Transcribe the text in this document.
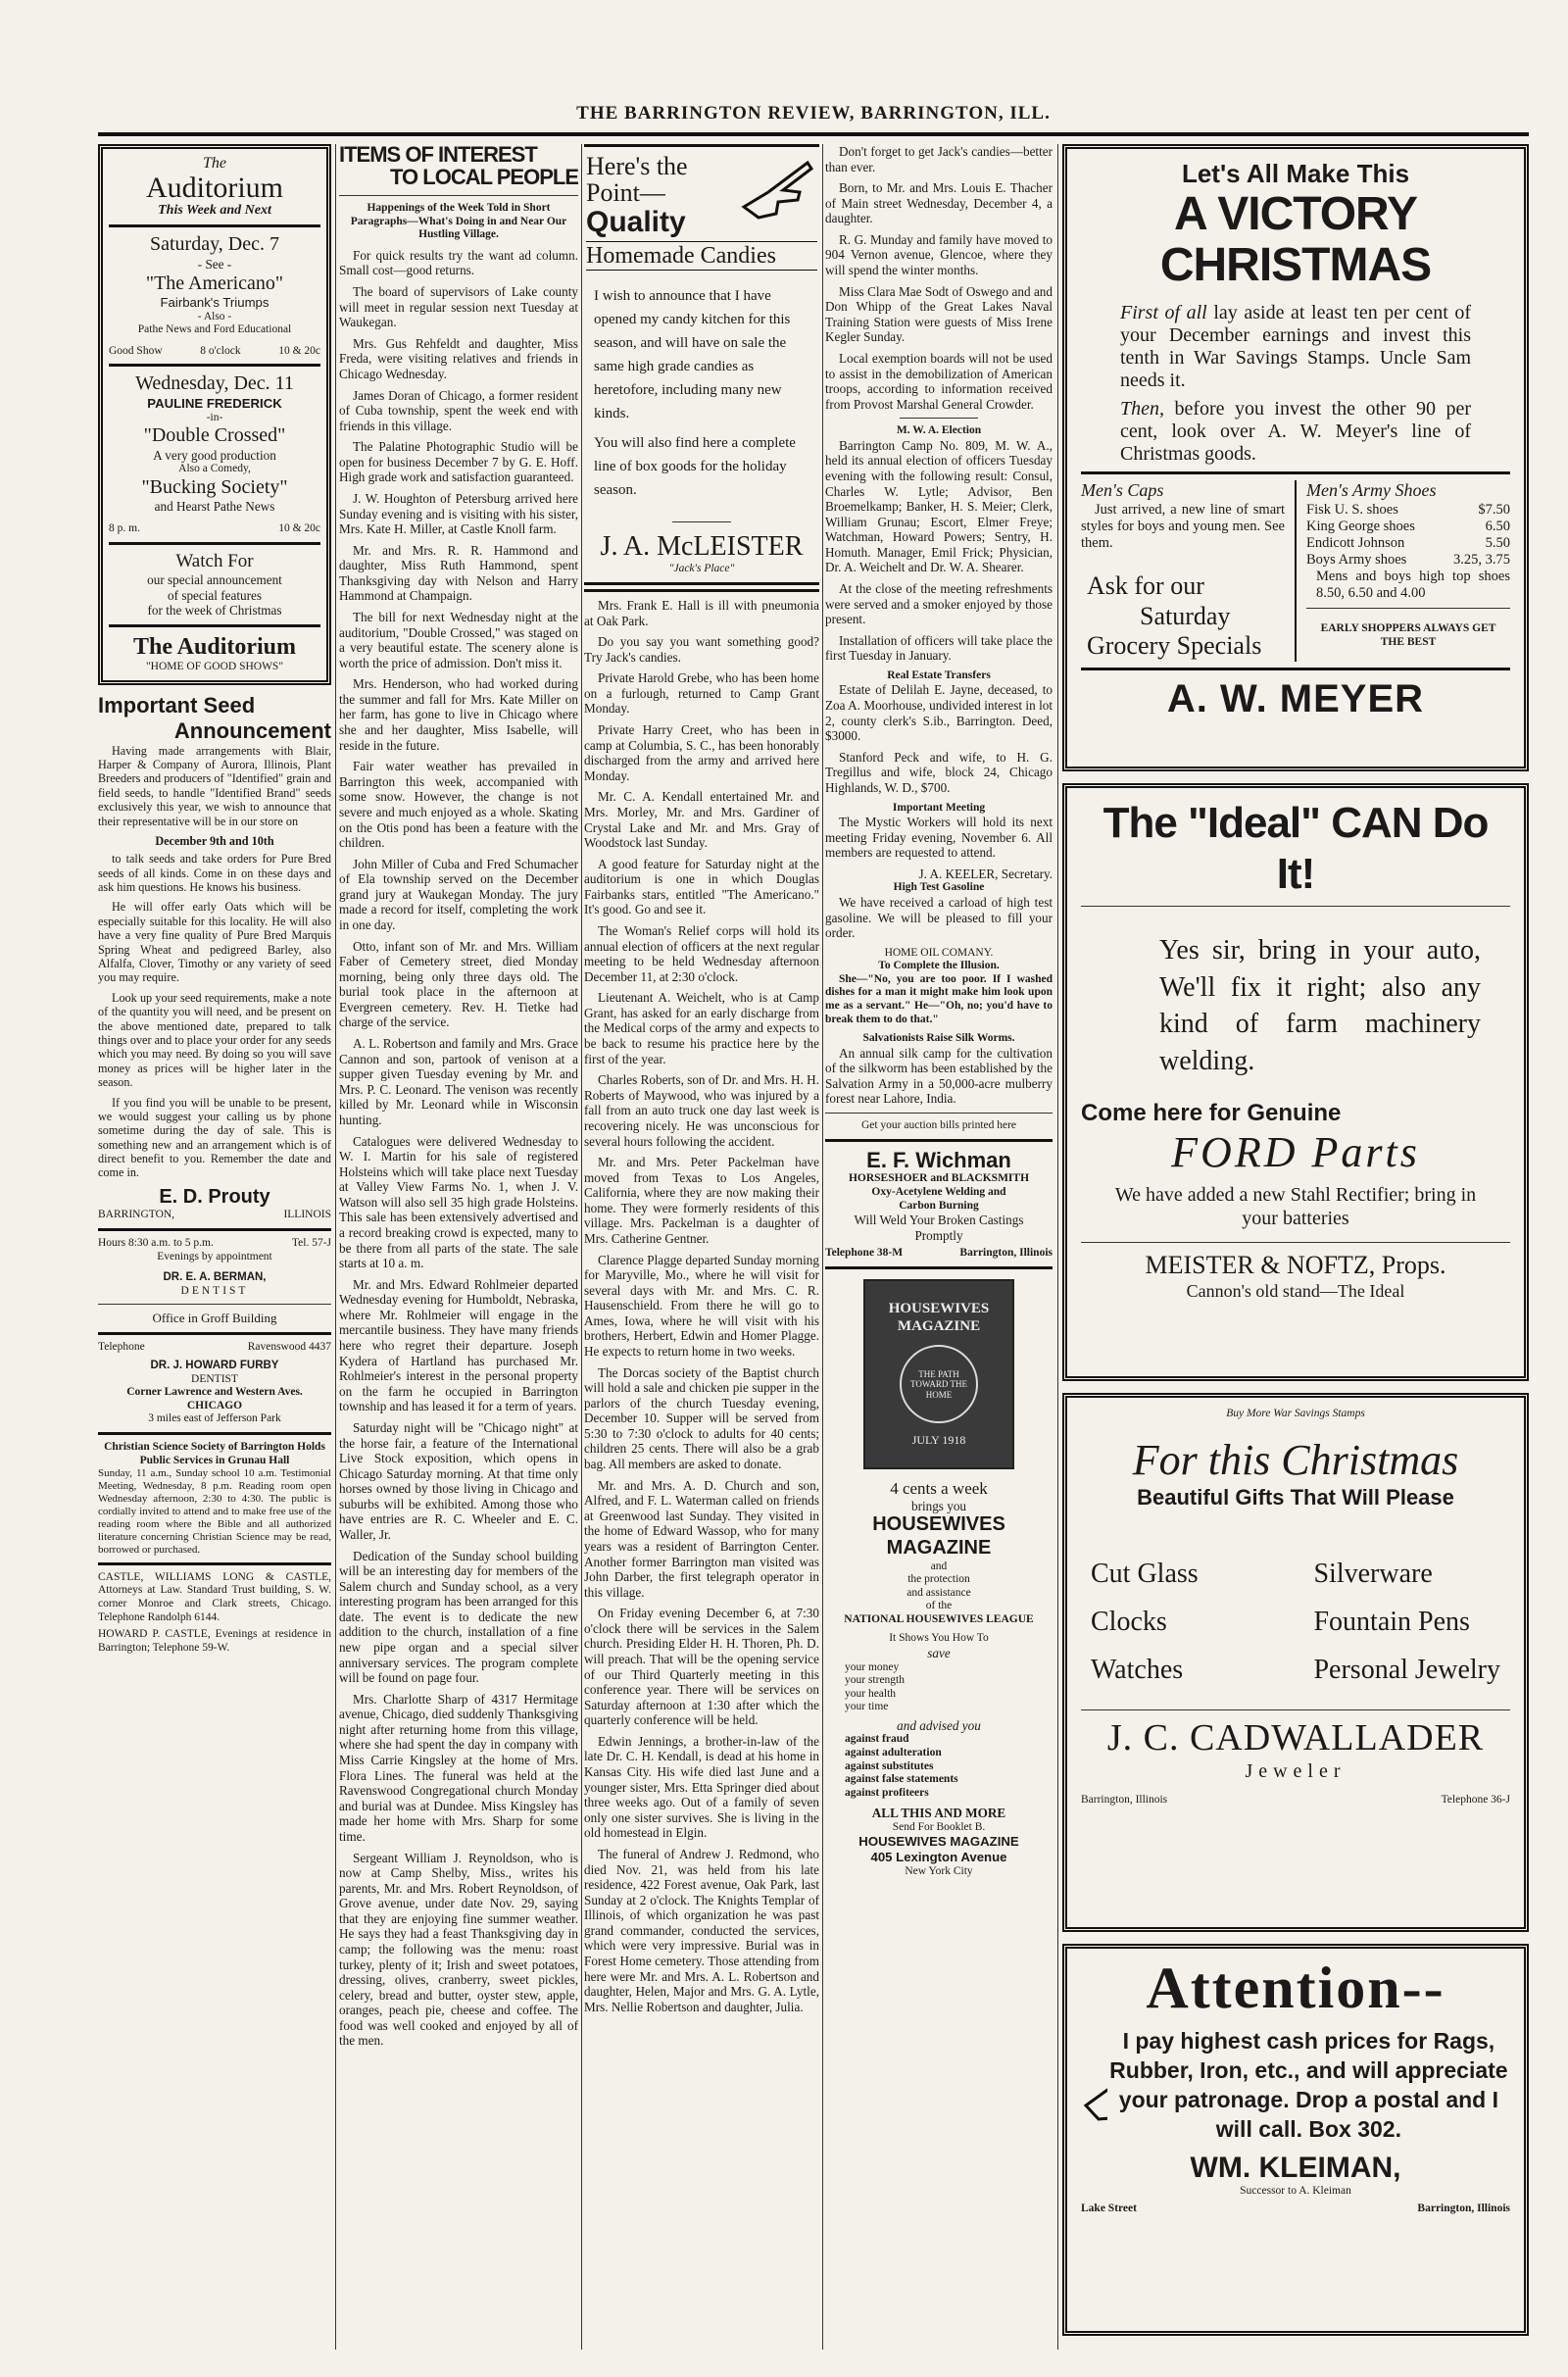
THE BARRINGTON REVIEW, BARRINGTON, ILL.
The
Auditorium
This Week and Next
Saturday, Dec. 7
- See -
"The Americano"
Fairbank's Triumps
- Also -
Pathe News and Ford Educational
Good Show	8 o'clock	10 & 20c
Wednesday, Dec. 11
PAULINE FREDERICK
-in-
"Double Crossed"
A very good production
Also a Comedy,
"Bucking Society"
and Hearst Pathe News
8 p. m.	10 & 20c
Watch For
our special announcement
of special features
for the week of Christmas
The Auditorium
"HOME OF GOOD SHOWS"
Important Seed
Announcement

Having made arrangements with Blair, Harper & Company of Aurora, Illinois, Plant Breeders and producers of "Identified" grain and field seeds, to handle "Identified Brand" seeds exclusively this year, we wish to announce that their representative will be in our store on

December 9th and 10th

to talk seeds and take orders for Pure Bred seeds of all kinds. Come in on these days and ask him questions. He knows his business.

He will offer early Oats which will be especially suitable for this locality. He will also have a very fine quality of Pure Bred Marquis Spring Wheat and pedigreed Barley, also Alfalfa, Clover, Timothy or any variety of seed you may require.

Look up your seed requirements, make a note of the quantity you will need, and be present on the above mentioned date, prepared to talk things over and to place your order for any seeds which you may need. By doing so you will save money as prices will be higher later in the season.

If you find you will be unable to be present, we would suggest your calling us by phone sometime during the day of sale. This is something new and an arrangement which is of direct benefit to you. Remember the date and come in.

E. D. Prouty
BARRINGTON,	ILLINOIS
Hours 8:30 a.m. to 5 p.m.	Tel. 57-J
Evenings by appointment
DR. E. A. BERMAN,
DENTIST
Office in Groff Building
Telephone	Ravenswood 4437
DR. J. HOWARD FURBY
DENTIST
Corner Lawrence and Western Aves.
CHICAGO
3 miles east of Jefferson Park
Christian Science Society of Barrington Holds Public Services in Grunau Hall
Sunday, 11 a.m., Sunday school 10 a.m. Testimonial Meeting, Wednesday, 8 p.m. Reading room open Wednesday afternoon, 2:30 to 4:30. The public is cordially invited to attend and to make free use of the reading room where the Bible and all authorized literature concerning Christian Science may be read, borrowed or purchased.
CASTLE, WILLIAMS LONG & CASTLE, Attorneys at Law. Standard Trust building, S. W. corner Monroe and Clark streets, Chicago. Telephone Randolph 6144.
HOWARD P. CASTLE, Evenings at residence in Barrington; Telephone 59-W.
ITEMS OF INTEREST
TO LOCAL PEOPLE
Happenings of the Week Told in Short Paragraphs—What's Doing in and Near Our Hustling Village.

For quick results try the want ad column. Small cost—good returns.

The board of supervisors of Lake county will meet in regular session next Tuesday at Waukegan.

Mrs. Gus Rehfeldt and daughter, Miss Freda, were visiting relatives and friends in Chicago Wednesday.

James Doran of Chicago, a former resident of Cuba township, spent the week end with friends in this village.

The Palatine Photographic Studio will be open for business December 7 by G. E. Hoff. High grade work and satisfaction guaranteed.

J. W. Houghton of Petersburg arrived here Sunday evening and is visiting with his sister, Mrs. Kate H. Miller, at Castle Knoll farm.

Mr. and Mrs. R. R. Hammond and daughter, Miss Ruth Hammond, spent Thanksgiving day with Nelson and Harry Hammond at Champaign.

The bill for next Wednesday night at the auditorium, "Double Crossed," was staged on a very beautiful estate. The scenery alone is worth the price of admission. Don't miss it.

Mrs. Henderson, who had worked during the summer and fall for Mrs. Kate Miller on her farm, has gone to live in Chicago where she and her daughter, Miss Isabelle, will reside in the future.

Fair water weather has prevailed in Barrington this week, accompanied with some snow. However, the change is not severe and much enjoyed as a whole. Skating on the Otis pond has been a feature with the children.

John Miller of Cuba and Fred Schumacher of Ela township served on the December grand jury at Waukegan Monday. The jury made a record for itself, completing the work in one day.

Otto, infant son of Mr. and Mrs. William Faber of Cemetery street, died Monday morning, being only three days old. The burial took place in the afternoon at Evergreen cemetery. Rev. H. Tietke had charge of the service.

A. L. Robertson and family and Mrs. Grace Cannon and son, partook of venison at a supper given Tuesday evening by Mr. and Mrs. P. C. Leonard. The venison was recently killed by Mr. Leonard while in Wisconsin hunting.

Catalogues were delivered Wednesday to W. I. Martin for his sale of registered Holsteins which will take place next Tuesday at Valley View Farms No. 1, when J. V. Watson will also sell 35 high grade Holsteins. This sale has been extensively advertised and a record breaking crowd is expected, many to be there from all parts of the state. The sale starts at 10 a. m.

Mr. and Mrs. Edward Rohlmeier departed Wednesday evening for Humboldt, Nebraska, where Mr. Rohlmeier will engage in the mercantile business. They have many friends here who regret their departure. Joseph Kydera of Hartland has purchased Mr. Rohlmeier's interest in the personal property on the farm he occupied in Barrington township and has leased it for a term of years.

Saturday night will be "Chicago night" at the horse fair, a feature of the International Live Stock exposition, which opens in Chicago Saturday morning. At that time only horses owned by those living in Chicago and suburbs will be exhibited. Among those who have entries are R. C. Wheeler and E. C. Waller, Jr.

Dedication of the Sunday school building will be an interesting day for members of the Salem church and Sunday school, as a very interesting program has been arranged for this date. The event is to dedicate the new addition to the church, installation of a fine new pipe organ and a special silver anniversary services. The program complete will be found on page four.

Mrs. Charlotte Sharp of 4317 Hermitage avenue, Chicago, died suddenly Thanksgiving night after returning home from this village, where she had spent the day in company with Miss Carrie Kingsley at the home of Mrs. Flora Lines. The funeral was held at the Ravenswood Congregational church Monday and burial was at Dundee. Miss Kingsley has made her home with Mrs. Sharp for some time.

Sergeant William J. Reynoldson, who is now at Camp Shelby, Miss., writes his parents, Mr. and Mrs. Robert Reynoldson, of Grove avenue, under date Nov. 29, saying that they are enjoying fine summer weather. He says they had a feast Thanksgiving day in camp; the following was the menu: roast turkey, plenty of it; Irish and sweet potatoes, dressing, olives, cranberry, sweet pickles, celery, bread and butter, oyster stew, apple, oranges, peach pie, cheese and coffee. The food was well cooked and enjoyed by all of the men.

Here's the
Point—
Quality
Homemade Candies

I wish to announce that I have opened my candy kitchen for this season, and will have on sale the same high grade candies as heretofore, including many new kinds.

You will also find here a complete line of box goods for the holiday season.

J. A. McLEISTER
"Jack's Place"

Mrs. Frank E. Hall is ill with pneumonia at Oak Park.

Do you say you want something good? Try Jack's candies.

Private Harold Grebe, who has been home on a furlough, returned to Camp Grant Monday.

Private Harry Creet, who has been in camp at Columbia, S. C., has been honorably discharged from the army and arrived here Monday.

Mr. C. A. Kendall entertained Mr. and Mrs. Morley, Mr. and Mrs. Gardiner of Crystal Lake and Mr. and Mrs. Gray of Woodstock last Sunday.

A good feature for Saturday night at the auditorium is one in which Douglas Fairbanks stars, entitled "The Americano." It's good. Go and see it.

The Woman's Relief corps will hold its annual election of officers at the next regular meeting to be held Wednesday afternoon December 11, at 2:30 o'clock.

Lieutenant A. Weichelt, who is at Camp Grant, has asked for an early discharge from the Medical corps of the army and expects to be back to resume his practice here by the first of the year.

Charles Roberts, son of Dr. and Mrs. H. H. Roberts of Maywood, who was injured by a fall from an auto truck one day last week is recovering nicely. He was unconscious for several hours following the accident.

Mr. and Mrs. Peter Packelman have moved from Texas to Los Angeles, California, where they are now making their home. They were formerly residents of this village. Mrs. Packelman is a daughter of Mrs. Catherine Gentner.

Clarence Plagge departed Sunday morning for Maryville, Mo., where he will visit for several days with Mr. and Mrs. C. R. Hausenschield. From there he will go to Ames, Iowa, where he will visit with his brothers, Herbert, Edwin and Homer Plagge. He expects to return home in two weeks.

The Dorcas society of the Baptist church will hold a sale and chicken pie supper in the parlors of the church Tuesday evening, December 10. Supper will be served from 5:30 to 7:30 o'clock to adults for 40 cents; children 25 cents. There will also be a grab bag. All members are asked to donate.

Mr. and Mrs. A. D. Church and son, Alfred, and F. L. Waterman called on friends at Greenwood last Sunday. They visited in the home of Edward Wassop, who for many years was a resident of Barrington Center. Another former Barrington man visited was John Darber, the first telegraph operator in this village.

On Friday evening December 6, at 7:30 o'clock there will be services in the Salem church. Presiding Elder H. H. Thoren, Ph. D. will preach. That will be the opening service of our Third Quarterly meeting in this conference year. There will be services on Saturday afternoon at 1:30 after which the quarterly conference will be held.

Edwin Jennings, a brother-in-law of the late Dr. C. H. Kendall, is dead at his home in Kansas City. His wife died last June and a younger sister, Mrs. Etta Springer died about three weeks ago. Out of a family of seven only one sister survives. She is living in the old homestead in Elgin.

The funeral of Andrew J. Redmond, who died Nov. 21, was held from his late residence, 422 Forest avenue, Oak Park, last Sunday at 2 o'clock. The Knights Templar of Illinois, of which organization he was past grand commander, conducted the services, which were very impressive. Burial was in Forest Home cemetery. Those attending from here were Mr. and Mrs. A. L. Robertson and daughter, Helen, Major and Mrs. G. A. Lytle, Mrs. Nellie Robertson and daughter, Julia.

Don't forget to get Jack's candies—better than ever.

Born, to Mr. and Mrs. Louis E. Thacher of Main street Wednesday, December 4, a daughter.

R. G. Munday and family have moved to 904 Vernon avenue, Glencoe, where they will spend the winter months.

Miss Clara Mae Sodt of Oswego and and Don Whipp of the Great Lakes Naval Training Station were guests of Miss Irene Kegler Sunday.

Local exemption boards will not be used to assist in the demobilization of American troops, according to information received from Provost Marshal General Crowder.

M. W. A. Election

Barrington Camp No. 809, M. W. A., held its annual election of officers Tuesday evening with the following result: Consul, Charles W. Lytle; Advisor, Ben Broemelkamp; Banker, H. S. Meier; Clerk, William Grunau; Escort, Elmer Freye; Watchman, Howard Powers; Sentry, H. Homuth. Manager, Emil Frick; Physician, Dr. A. Weichelt and Dr. W. A. Shearer.

At the close of the meeting refreshments were served and a smoker enjoyed by those present.

Installation of officers will take place the first Tuesday in January.

Real Estate Transfers

Estate of Delilah E. Jayne, deceased, to Zoa A. Moorhouse, undivided interest in lot 2, county clerk's S.ib., Barrington. Deed, $3000.

Stanford Peck and wife, to H. G. Tregillus and wife, block 24, Chicago Highlands, W. D., $700.

Important Meeting

The Mystic Workers will hold its next meeting Friday evening, November 6. All members are requested to attend.

J. A. KEELER, Secretary.
High Test Gasoline

We have received a carload of high test gasoline. We will be pleased to fill your order.

HOME OIL COMANY.
To Complete the Illusion.

She—"No, you are too poor. If I washed dishes for a man it might make him look upon me as a servant." He—"Oh, no; you'd have to break them to do that."

Salvationists Raise Silk Worms.

An annual silk camp for the cultivation of the silkworm has been established by the Salvation Army in a 50,000-acre mulberry forest near Lahore, India.

Get your auction bills printed here
E. F. Wichman
HORSESHOER and BLACKSMITH
Oxy-Acetylene Welding and
Carbon Burning
Will Weld Your Broken Castings
Promptly
Telephone 38-M	Barrington, Illinois
HOUSEWIVES MAGAZINE
THE PATH TOWARD THE HOME
JULY 1918
4 cents a week
brings you
HOUSEWIVES
MAGAZINE
and
the protection
and assistance
of the
NATIONAL HOUSEWIVES LEAGUE
It Shows You How To
save
your money
your strength
your health
your time
and advised you
against fraud
against adulteration
against substitutes
against false statements
against profiteers
ALL THIS AND MORE
Send For Booklet B.
HOUSEWIVES MAGAZINE
405 Lexington Avenue
New York City
Let's All Make This
A VICTORY CHRISTMAS

First of all lay aside at least ten per cent of your December earnings and invest this tenth in War Savings Stamps. Uncle Sam needs it.

Then, before you invest the other 90 per cent, look over A. W. Meyer's line of Christmas goods.

Men's Caps

Just arrived, a new line of smart styles for boys and young men. See them.

Ask for our
Saturday
Grocery Specials
Men's Army Shoes
Fisk U. S. shoes	$7.50
King George shoes	6.50
Endicott Johnson	5.50
Boys Army shoes	3.25, 3.75
Mens and boys high top shoes 8.50, 6.50 and 4.00
EARLY SHOPPERS ALWAYS GET THE BEST
A. W. MEYER
The "Ideal" CAN Do It!
Yes sir, bring in your auto, We'll fix it right; also any kind of farm machinery welding.
Come here for Genuine
FORD Parts
We have added a new Stahl Rectifier; bring in your batteries
MEISTER & NOFTZ, Props.
Cannon's old stand—The Ideal
Buy More War Savings Stamps
For this Christmas
Beautiful Gifts That Will Please
Cut Glass
Clocks
Watches
Silverware
Fountain Pens
Personal Jewelry
J. C. CADWALLADER
Jeweler
Barrington, Illinois	Telephone 36-J
Attention--
I pay highest cash prices for Rags, Rubber, Iron, etc., and will appreciate your patronage. Drop a postal and I will call. Box 302.
WM. KLEIMAN,
Successor to A. Kleiman
Lake Street	Barrington, Illinois
